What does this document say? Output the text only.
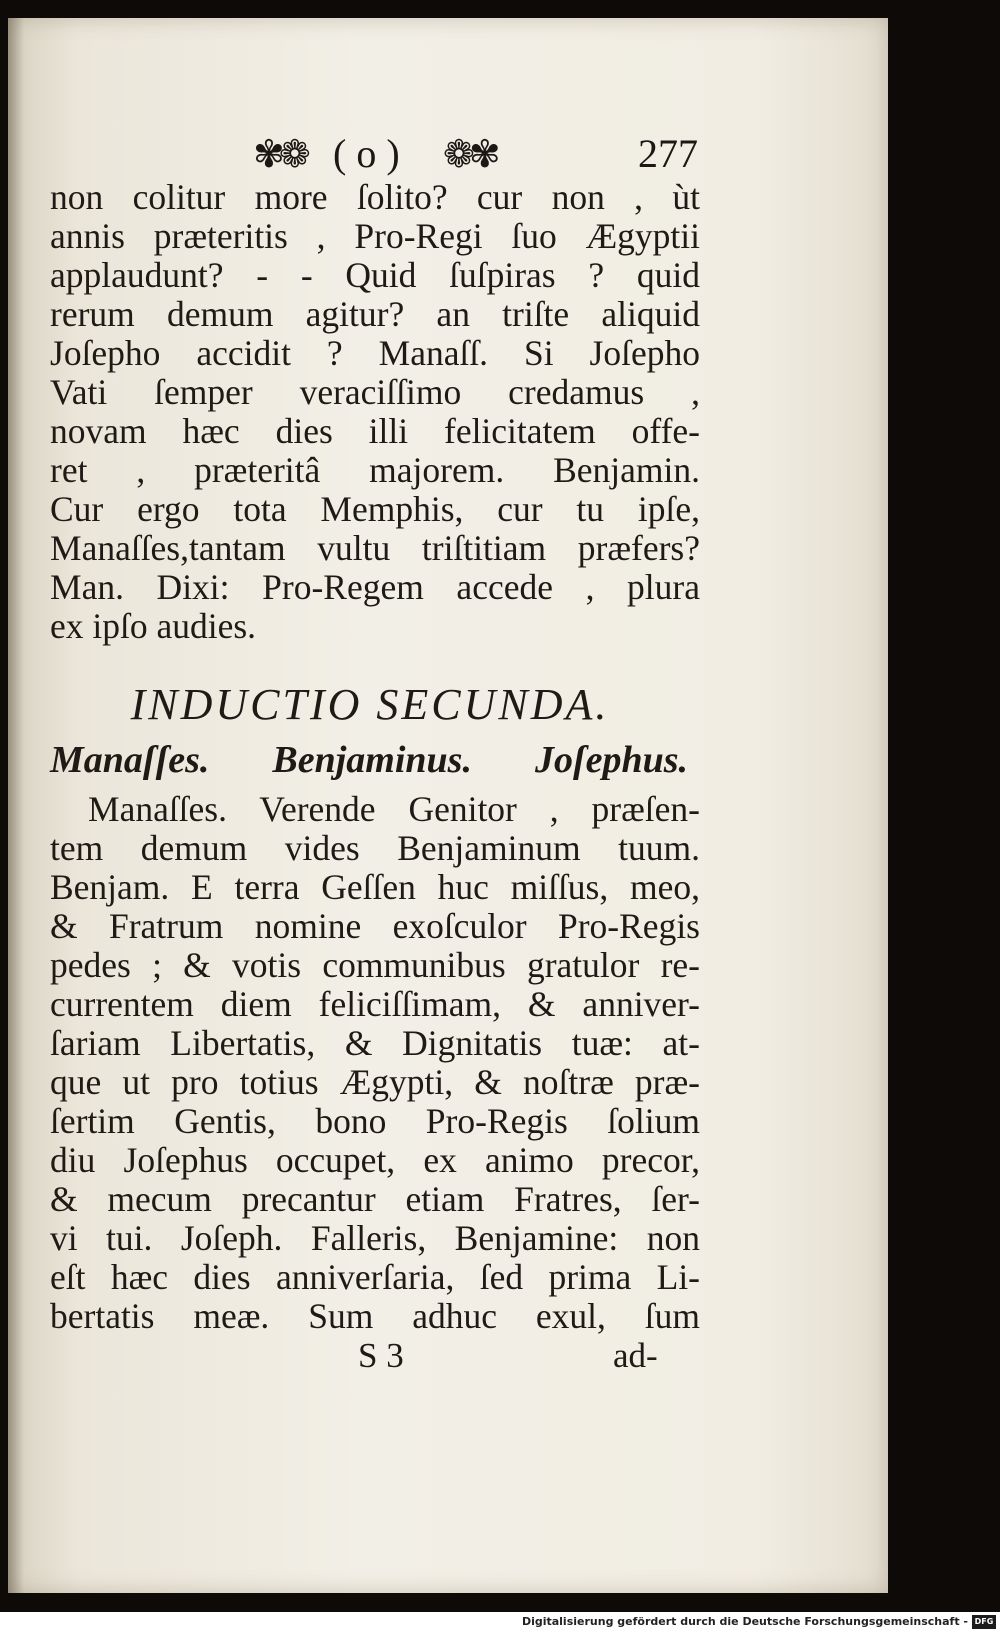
✾❁ ( o ) ❁✾	277
non colitur more ſolito? cur non , ùt
annis præteritis , Pro-Regi ſuo Ægyptii
applaudunt? - - Quid ſuſpiras ? quid
rerum demum agitur? an triſte aliquid
Joſepho accidit ? Manaſſ. Si Joſepho
Vati ſemper veraciſſimo credamus ,
novam hæc dies illi felicitatem offe-
ret , præteritâ majorem. Benjamin.
Cur ergo tota Memphis, cur tu ipſe,
Manaſſes,tantam vultu triſtitiam præfers?
Man. Dixi: Pro-Regem accede , plura
ex ipſo audies.
INDUCTIO SECUNDA.
Manaſſes. Benjaminus. Joſephus.
Manaſſes. Verende Genitor , præſen-
tem demum vides Benjaminum tuum.
Benjam. E terra Geſſen huc miſſus, meo,
& Fratrum nomine exoſculor Pro-Regis
pedes ; & votis communibus gratulor re-
currentem diem feliciſſimam, & anniver-
ſariam Libertatis, & Dignitatis tuæ: at-
que ut pro totius Ægypti, & noſtræ præ-
ſertim Gentis, bono Pro-Regis ſolium
diu Joſephus occupet, ex animo precor,
& mecum precantur etiam Fratres, ſer-
vi tui. Joſeph. Falleris, Benjamine: non
eſt hæc dies anniverſaria, ſed prima Li-
bertatis meæ. Sum adhuc exul, ſum
S 3	ad-
Digitalisierung gefördert durch die Deutsche Forschungsgemeinschaft - DFG
